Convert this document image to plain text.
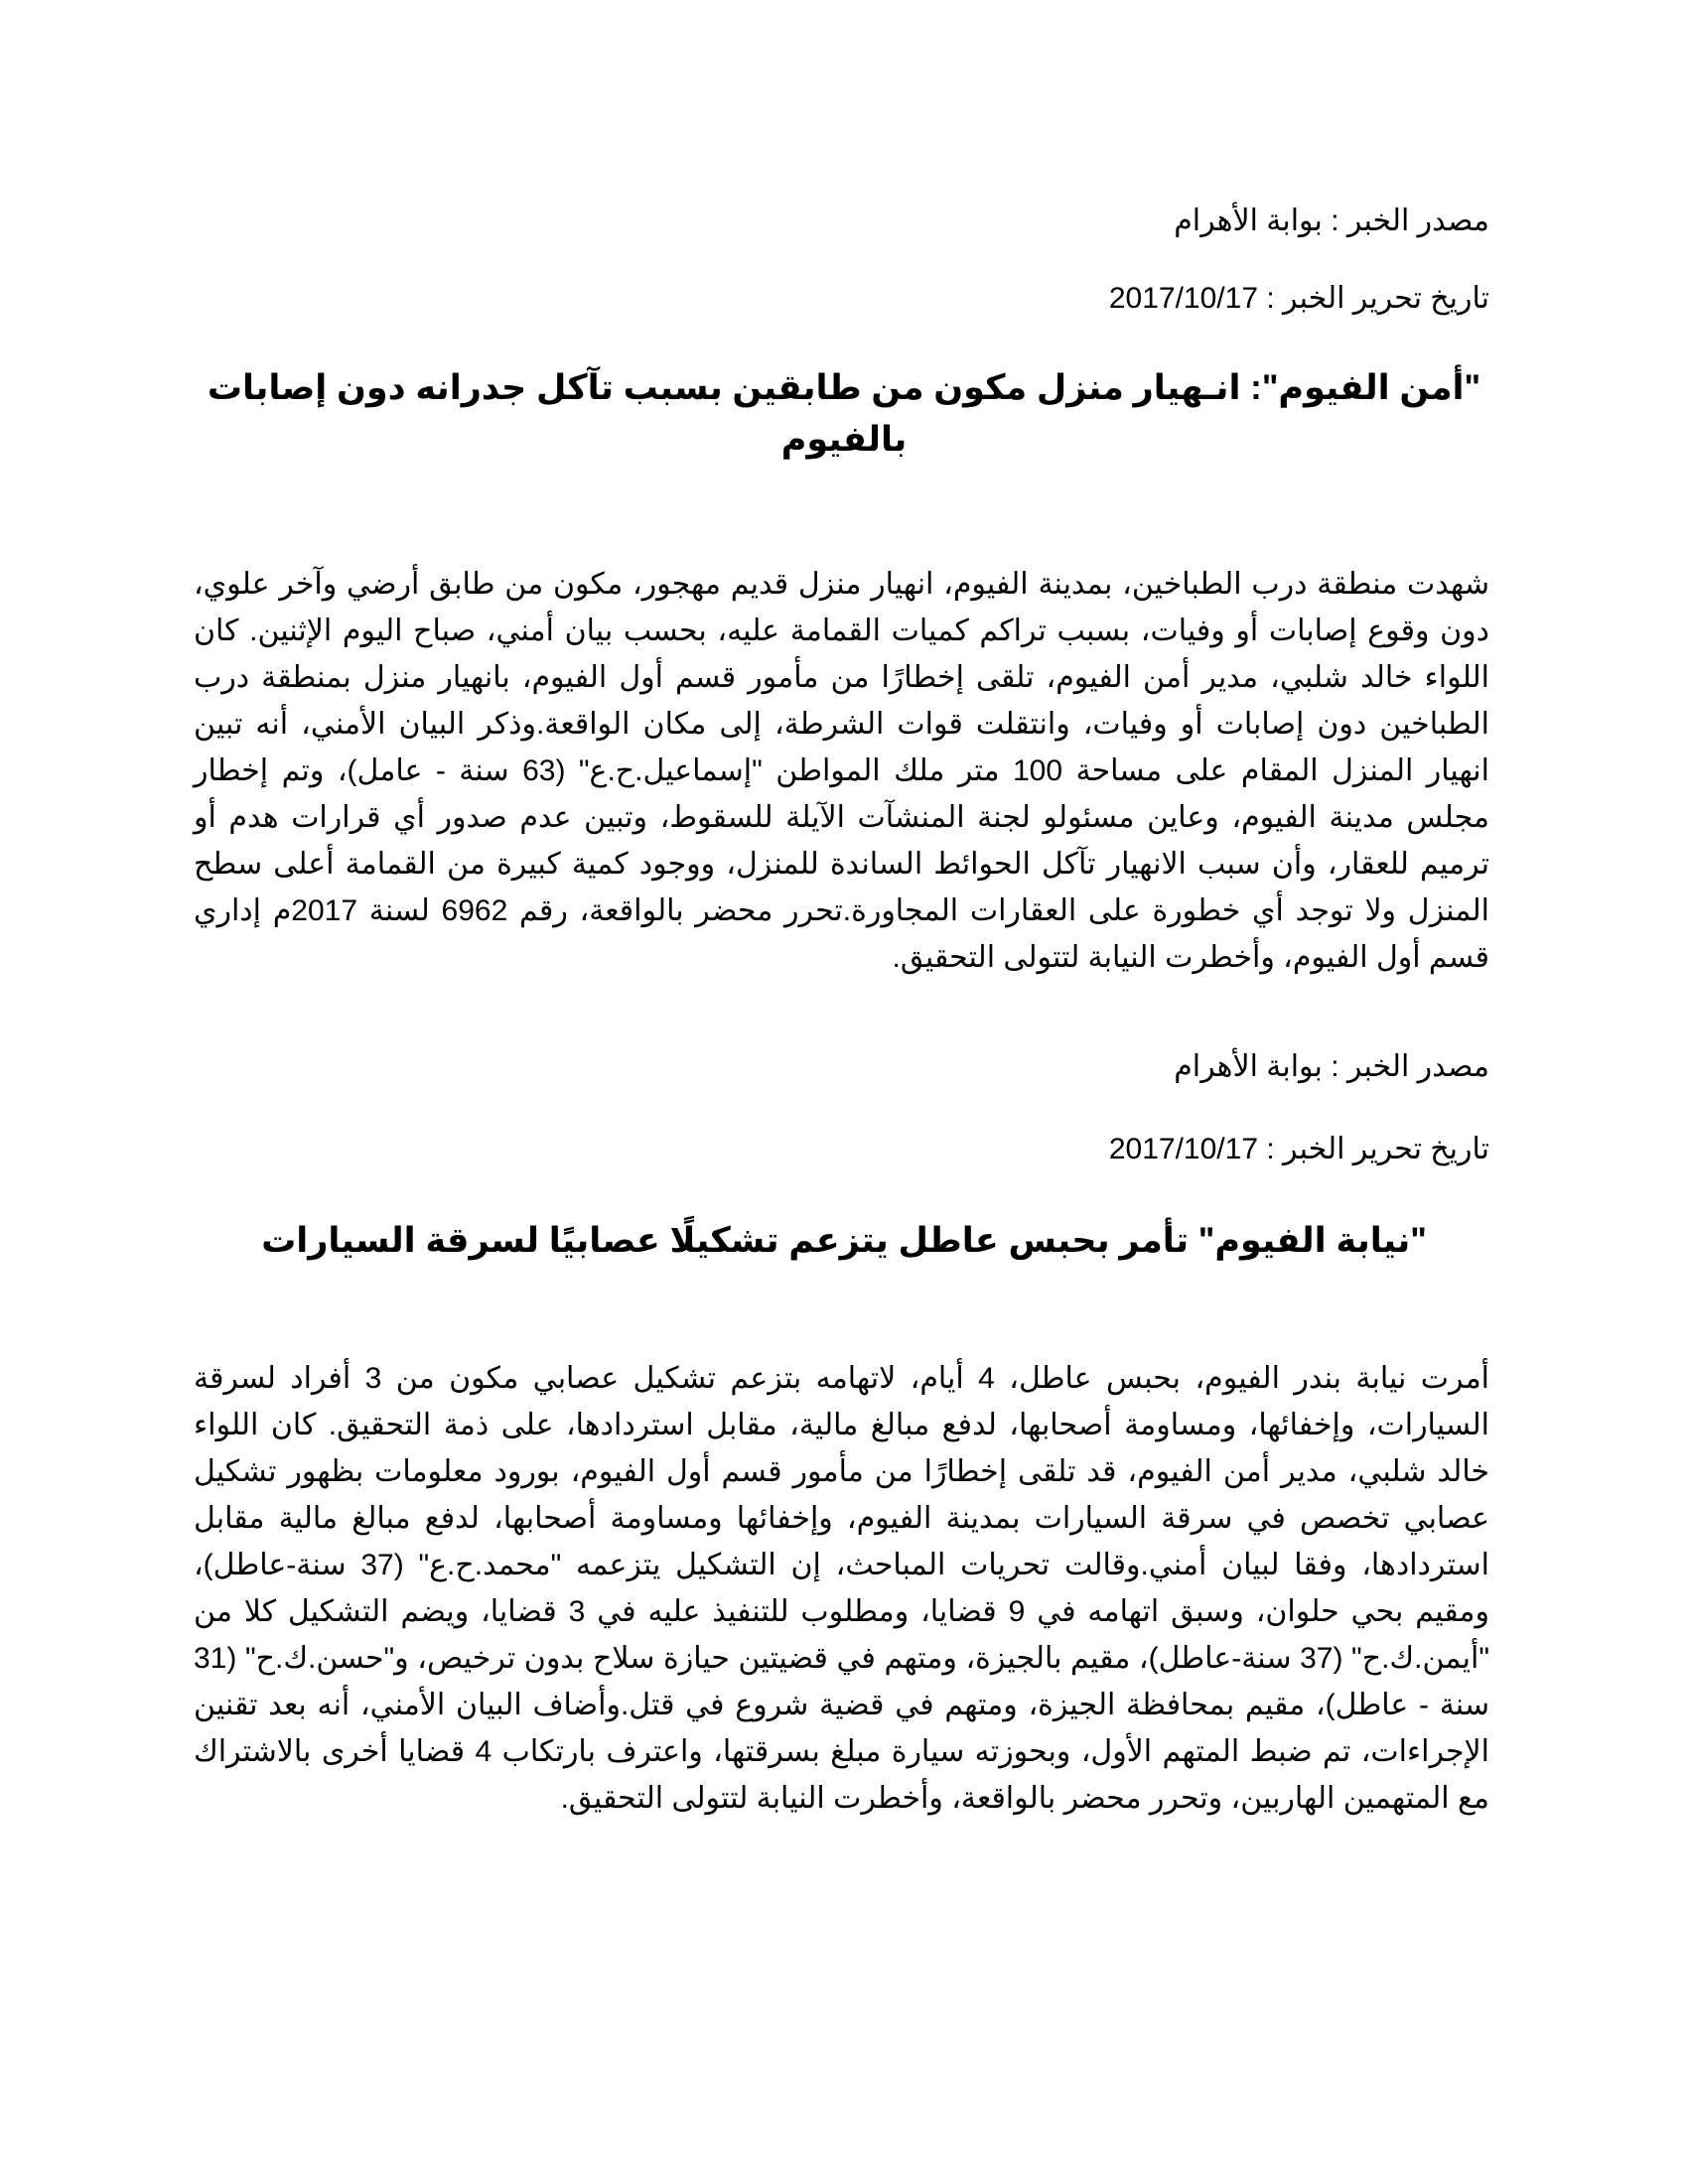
مصدر الخبر : بوابة الأهرام
تاريخ تحرير الخبر : 2017/10/17
"أمن الفيوم": انـهيار منزل مكون من طابقين بسبب تآكل جدرانه دون إصابات بالفيوم

شهدت منطقة درب الطباخين، بمدينة الفيوم، انهيار منزل قديم مهجور، مكون من طابق أرضي وآخر علوي، دون وقوع إصابات أو وفيات، بسبب تراكم كميات القمامة عليه، بحسب بيان أمني، صباح اليوم الإثنين. كان اللواء خالد شلبي، مدير أمن الفيوم، تلقى إخطارًا من مأمور قسم أول الفيوم، بانهيار منزل بمنطقة درب الطباخين دون إصابات أو وفيات، وانتقلت قوات الشرطة، إلى مكان الواقعة.وذكر البيان الأمني، أنه تبين انهيار المنزل المقام على مساحة 100 متر ملك المواطن "إسماعيل.ح.ع" (63 سنة - عامل)، وتم إخطار مجلس مدينة الفيوم، وعاين مسئولو لجنة المنشآت الآيلة للسقوط، وتبين عدم صدور أي قرارات هدم أو ترميم للعقار، وأن سبب الانهيار تآكل الحوائط الساندة للمنزل، ووجود كمية كبيرة من القمامة أعلى سطح المنزل ولا توجد أي خطورة على العقارات المجاورة.تحرر محضر بالواقعة، رقم 6962 لسنة 2017م إداري قسم أول الفيوم، وأخطرت النيابة لتتولى التحقيق.

مصدر الخبر : بوابة الأهرام
تاريخ تحرير الخبر : 2017/10/17
"نيابة الفيوم" تأمر بحبس عاطل يتزعم تشكيلًا عصابيًا لسرقة السيارات

أمرت نيابة بندر الفيوم، بحبس عاطل، 4 أيام، لاتهامه بتزعم تشكيل عصابي مكون من 3 أفراد لسرقة السيارات، وإخفائها، ومساومة أصحابها، لدفع مبالغ مالية، مقابل استردادها، على ذمة التحقيق. كان اللواء خالد شلبي، مدير أمن الفيوم، قد تلقى إخطارًا من مأمور قسم أول الفيوم، بورود معلومات بظهور تشكيل عصابي تخصص في سرقة السيارات بمدينة الفيوم، وإخفائها ومساومة أصحابها، لدفع مبالغ مالية مقابل استردادها، وفقا لبيان أمني.وقالت تحريات المباحث، إن التشكيل يتزعمه "محمد.ح.ع" (37 سنة-عاطل)، ومقيم بحي حلوان، وسبق اتهامه في 9 قضايا، ومطلوب للتنفيذ عليه في 3 قضايا، ويضم التشكيل كلا من "أيمن.ك.ح" (37 سنة-عاطل)، مقيم بالجيزة، ومتهم في قضيتين حيازة سلاح بدون ترخيص، و"حسن.ك.ح" (31 سنة - عاطل)، مقيم بمحافظة الجيزة، ومتهم في قضية شروع في قتل.وأضاف البيان الأمني، أنه بعد تقنين الإجراءات، تم ضبط المتهم الأول، وبحوزته سيارة مبلغ بسرقتها، واعترف بارتكاب 4 قضايا أخرى بالاشتراك مع المتهمين الهاربين، وتحرر محضر بالواقعة، وأخطرت النيابة لتتولى التحقيق.
